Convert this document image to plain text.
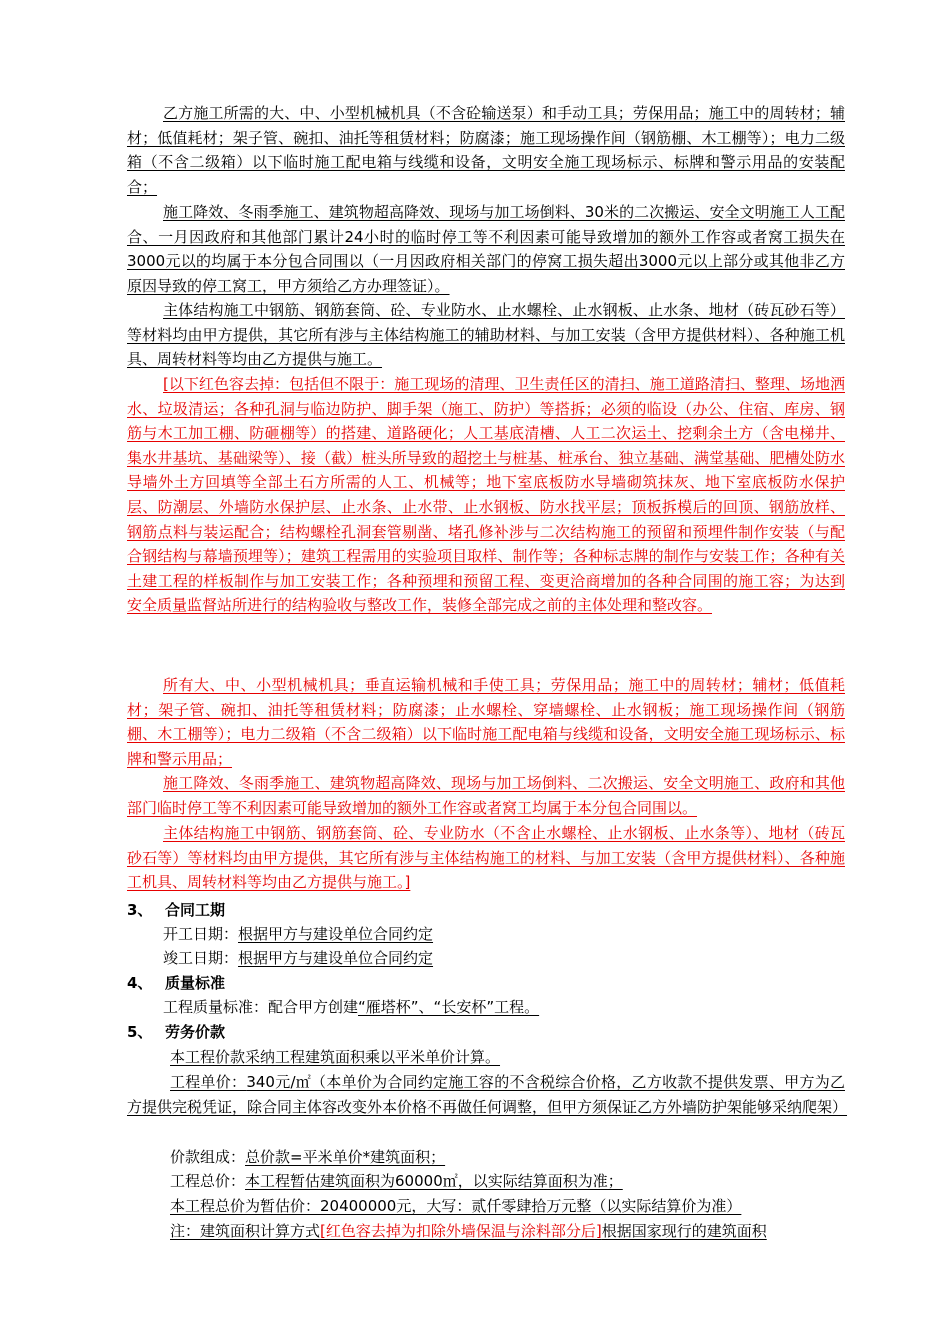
乙方施工所需的大、中、小型机械机具（不含砼输送泵）和手动工具；劳保用品；施工中的周转材；辅材；低值耗材；架子管、碗扣、油托等租赁材料；防腐漆；施工现场操作间（钢筋棚、木工棚等）；电力二级箱（不含二级箱）以下临时施工配电箱与线缆和设备，文明安全施工现场标示、标牌和警示用品的安装配合；

施工降效、冬雨季施工、建筑物超高降效、现场与加工场倒料、30米的二次搬运、安全文明施工人工配合、一月因政府和其他部门累计24小时的临时停工等不利因素可能导致增加的额外工作容或者窝工损失在3000元以的均属于本分包合同围以（一月因政府相关部门的停窝工损失超出3000元以上部分或其他非乙方原因导致的停工窝工，甲方须给乙方办理签证）。

主体结构施工中钢筋、钢筋套筒、砼、专业防水、止水螺栓、止水钢板、止水条、地材（砖瓦砂石等）等材料均由甲方提供，其它所有涉与主体结构施工的辅助材料、与加工安装（含甲方提供材料）、各种施工机具、周转材料等均由乙方提供与施工。

[以下红色容去掉：包括但不限于：施工现场的清理、卫生责任区的清扫、施工道路清扫、整理、场地洒水、垃圾清运；各种孔洞与临边防护、脚手架（施工、防护）等搭拆；必须的临设（办公、住宿、库房、钢筋与木工加工棚、防砸棚等）的搭建、道路硬化；人工基底清槽、人工二次运土、挖剩余土方（含电梯井、集水井基坑、基础梁等）、接（截）桩头所导致的超挖土与桩基、桩承台、独立基础、满堂基础、肥槽处防水导墙外土方回填等全部土石方所需的人工、机械等；地下室底板防水导墙砌筑抹灰、地下室底板防水保护层、防潮层、外墙防水保护层、止水条、止水带、止水钢板、防水找平层；顶板拆模后的回顶、钢筋放样、钢筋点料与装运配合；结构螺栓孔洞套管剔凿、堵孔修补涉与二次结构施工的预留和预埋件制作安装（与配合钢结构与幕墙预埋等）；建筑工程需用的实验项目取样、制作等；各种标志牌的制作与安装工作；各种有关土建工程的样板制作与加工安装工作；各种预埋和预留工程、变更洽商增加的各种合同围的施工容；为达到安全质量监督站所进行的结构验收与整改工作，装修全部完成之前的主体处理和整改容。

所有大、中、小型机械机具；垂直运输机械和手使工具；劳保用品；施工中的周转材；辅材；低值耗材；架子管、碗扣、油托等租赁材料；防腐漆；止水螺栓、穿墙螺栓、止水钢板；施工现场操作间（钢筋棚、木工棚等）；电力二级箱（不含二级箱）以下临时施工配电箱与线缆和设备，文明安全施工现场标示、标牌和警示用品；

施工降效、冬雨季施工、建筑物超高降效、现场与加工场倒料、二次搬运、安全文明施工、政府和其他部门临时停工等不利因素可能导致增加的额外工作容或者窝工均属于本分包合同围以。

主体结构施工中钢筋、钢筋套筒、砼、专业防水（不含止水螺栓、止水钢板、止水条等）、地材（砖瓦砂石等）等材料均由甲方提供，其它所有涉与主体结构施工的材料、与加工安装（含甲方提供材料）、各种施工机具、周转材料等均由乙方提供与施工。]

3、 合同工期
开工日期：根据甲方与建设单位合同约定
竣工日期：根据甲方与建设单位合同约定
4、 质量标准
工程质量标准：配合甲方创建“雁塔杯”、“长安杯”工程。
5、 劳务价款
本工程价款采纳工程建筑面积乘以平米单价计算。

工程单价：340元/㎡（本单价为合同约定施工容的不含税综合价格，乙方收款不提供发票、甲方为乙方提供完税凭证，除合同主体容改变外本价格不再做任何调整，但甲方须保证乙方外墙防护架能够采纳爬架）

价款组成：总价款=平米单价*建筑面积；
工程总价：本工程暂估建筑面积为60000㎡，以实际结算面积为准；
本工程总价为暂估价：20400000元，大写：贰仟零肆拾万元整（以实际结算价为准）
注：建筑面积计算方式[红色容去掉为扣除外墙保温与涂料部分后]根据国家现行的建筑面积
